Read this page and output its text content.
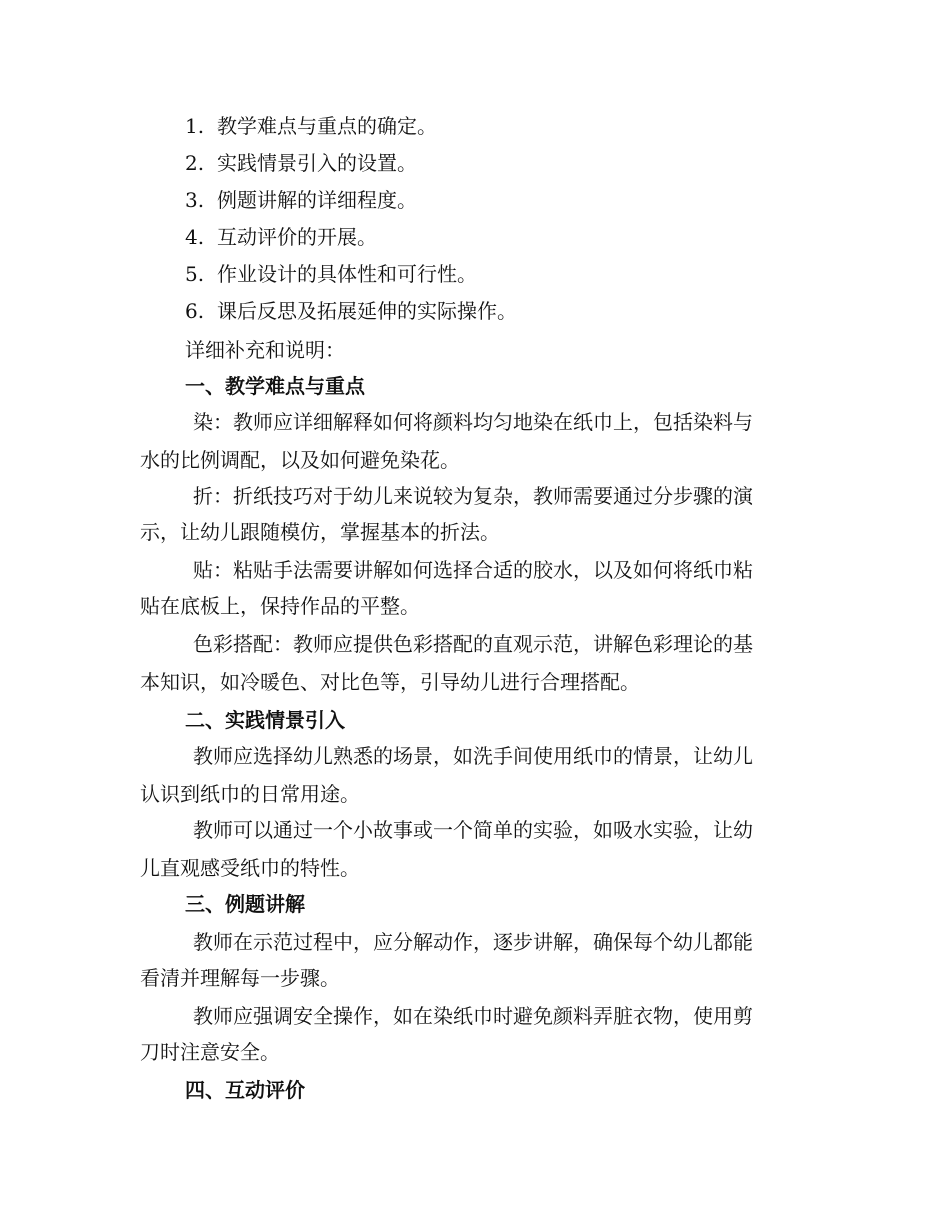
1. 教学难点与重点的确定。
2. 实践情景引入的设置。
3. 例题讲解的详细程度。
4. 互动评价的开展。
5. 作业设计的具体性和可行性。
6. 课后反思及拓展延伸的实际操作。
详细补充和说明：
一、教学难点与重点
染：教师应详细解释如何将颜料均匀地染在纸巾上，包括染料与
水的比例调配，以及如何避免染花。
折：折纸技巧对于幼儿来说较为复杂，教师需要通过分步骤的演
示，让幼儿跟随模仿，掌握基本的折法。
贴：粘贴手法需要讲解如何选择合适的胶水，以及如何将纸巾粘
贴在底板上，保持作品的平整。
色彩搭配：教师应提供色彩搭配的直观示范，讲解色彩理论的基
本知识，如冷暖色、对比色等，引导幼儿进行合理搭配。
二、实践情景引入
教师应选择幼儿熟悉的场景，如洗手间使用纸巾的情景，让幼儿
认识到纸巾的日常用途。
教师可以通过一个小故事或一个简单的实验，如吸水实验，让幼
儿直观感受纸巾的特性。
三、例题讲解
教师在示范过程中，应分解动作，逐步讲解，确保每个幼儿都能
看清并理解每一步骤。
教师应强调安全操作，如在染纸巾时避免颜料弄脏衣物，使用剪
刀时注意安全。
四、互动评价
